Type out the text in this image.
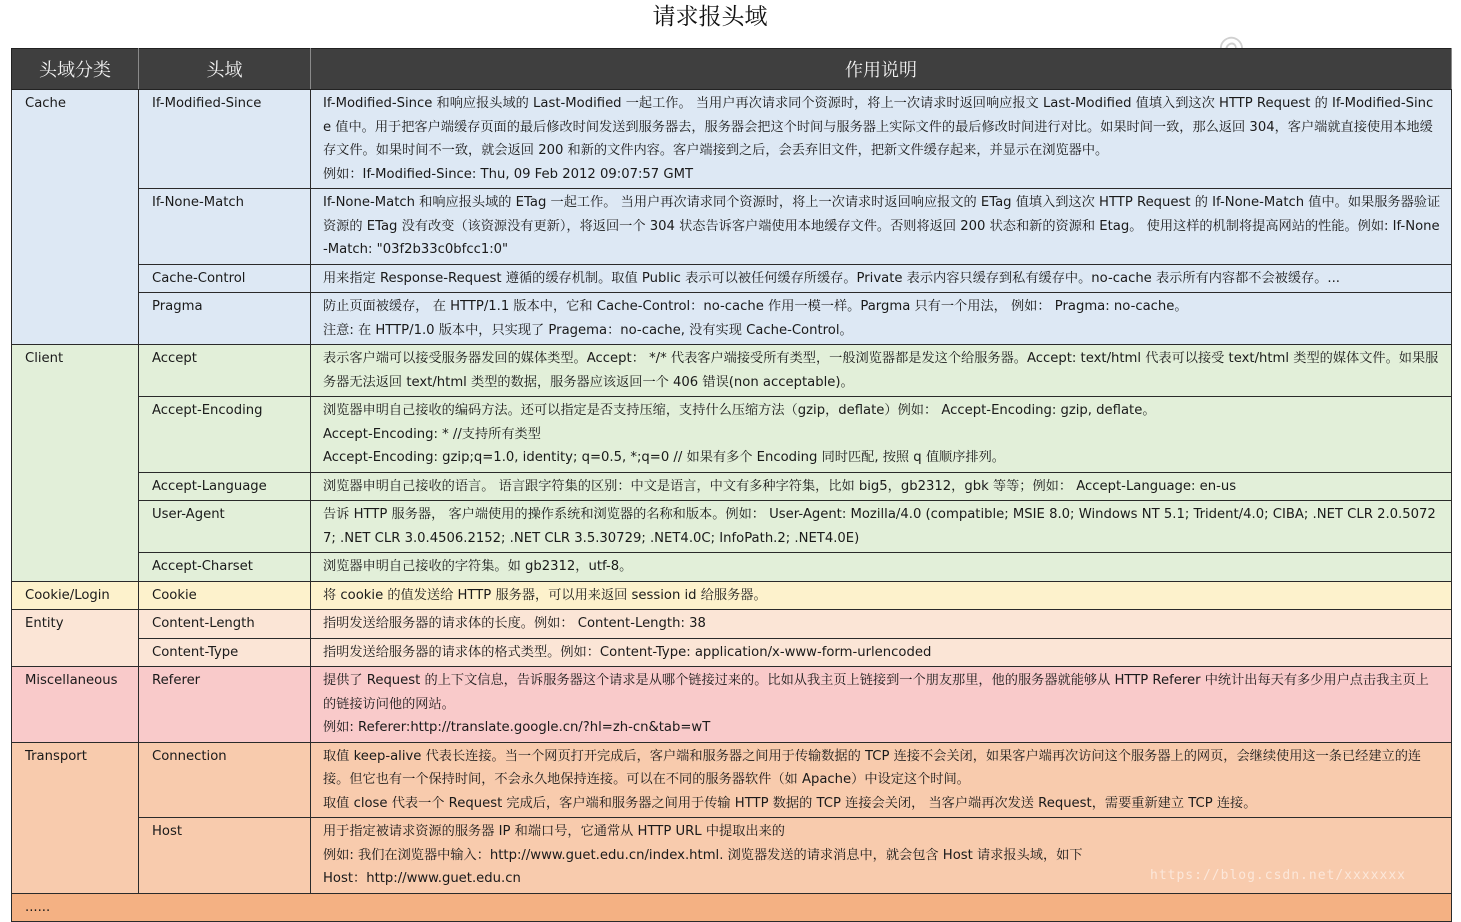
请求报头域
头域分类	头域	作用说明
Cache	If-Modified-Since	If-Modified-Since 和响应报头域的 Last-Modified 一起工作。 当用户再次请求同个资源时，将上一次请求时返回响应报文 Last-Modified 值填入到这次 HTTP Request 的 If-Modified-Since 值中。用于把客户端缓存页面的最后修改时间发送到服务器去，服务器会把这个时间与服务器上实际文件的最后修改时间进行对比。如果时间一致，那么返回 304，客户端就直接使用本地缓存文件。如果时间不一致，就会返回 200 和新的文件内容。客户端接到之后，会丢弃旧文件，把新文件缓存起来，并显示在浏览器中。
例如：If-Modified-Since: Thu, 09 Feb 2012 09:07:57 GMT

	If-None-Match	If-None-Match 和响应报头域的 ETag 一起工作。 当用户再次请求同个资源时，将上一次请求时返回响应报文的 ETag 值填入到这次 HTTP Request 的 If-None-Match 值中。如果服务器验证资源的 ETag 没有改变（该资源没有更新），将返回一个 304 状态告诉客户端使用本地缓存文件。否则将返回 200 状态和新的资源和 Etag。 使用这样的机制将提高网站的性能。例如: If-None-Match: "03f2b33c0bfcc1:0"

	Cache-Control	用来指定 Response-Request 遵循的缓存机制。取值 Public 表示可以被任何缓存所缓存。Private 表示内容只缓存到私有缓存中。no-cache 表示所有内容都不会被缓存。...

	Pragma	防止页面被缓存， 在 HTTP/1.1 版本中，它和 Cache-Control：no-cache 作用一模一样。Pargma 只有一个用法， 例如： Pragma: no-cache。
注意: 在 HTTP/1.0 版本中，只实现了 Pragema：no-cache, 没有实现 Cache-Control。

Client	Accept	表示客户端可以接受服务器发回的媒体类型。Accept： */* 代表客户端接受所有类型，一般浏览器都是发这个给服务器。Accept: text/html 代表可以接受 text/html 类型的媒体文件。如果服务器无法返回 text/html 类型的数据，服务器应该返回一个 406 错误(non acceptable)。

	Accept-Encoding	浏览器申明自己接收的编码方法。还可以指定是否支持压缩，支持什么压缩方法（gzip，deflate）例如： Accept-Encoding: gzip, deflate。
Accept-Encoding: * //支持所有类型
Accept-Encoding: gzip;q=1.0, identity; q=0.5, *;q=0 // 如果有多个 Encoding 同时匹配, 按照 q 值顺序排列。

	Accept-Language	浏览器申明自己接收的语言。 语言跟字符集的区别：中文是语言，中文有多种字符集，比如 big5，gb2312，gbk 等等；例如： Accept-Language: en-us

	User-Agent	告诉 HTTP 服务器， 客户端使用的操作系统和浏览器的名称和版本。例如： User-Agent: Mozilla/4.0 (compatible; MSIE 8.0; Windows NT 5.1; Trident/4.0; CIBA; .NET CLR 2.0.50727; .NET CLR 3.0.4506.2152; .NET CLR 3.5.30729; .NET4.0C; InfoPath.2; .NET4.0E)

	Accept-Charset	浏览器申明自己接收的字符集。如 gb2312，utf-8。

Cookie/Login	Cookie	将 cookie 的值发送给 HTTP 服务器，可以用来返回 session id 给服务器。

Entity	Content-Length	指明发送给服务器的请求体的长度。例如： Content-Length: 38

	Content-Type	指明发送给服务器的请求体的格式类型。例如：Content-Type: application/x-www-form-urlencoded

Miscellaneous	Referer	提供了 Request 的上下文信息，告诉服务器这个请求是从哪个链接过来的。比如从我主页上链接到一个朋友那里，他的服务器就能够从 HTTP Referer 中统计出每天有多少用户点击我主页上的链接访问他的网站。
例如: Referer:http://translate.google.cn/?hl=zh-cn&tab=wT

Transport	Connection	取值 keep-alive 代表长连接。当一个网页打开完成后，客户端和服务器之间用于传输数据的 TCP 连接不会关闭，如果客户端再次访问这个服务器上的网页，会继续使用这一条已经建立的连接。但它也有一个保持时间，不会永久地保持连接。可以在不同的服务器软件（如 Apache）中设定这个时间。
取值 close 代表一个 Request 完成后，客户端和服务器之间用于传输 HTTP 数据的 TCP 连接会关闭， 当客户端再次发送 Request，需要重新建立 TCP 连接。

	Host	用于指定被请求资源的服务器 IP 和端口号，它通常从 HTTP URL 中提取出来的
例如: 我们在浏览器中输入：http://www.guet.edu.cn/index.html. 浏览器发送的请求消息中，就会包含 Host 请求报头域，如下
Host：http://www.guet.edu.cn

......		
https://blog.csdn.net/xxxxxxx
